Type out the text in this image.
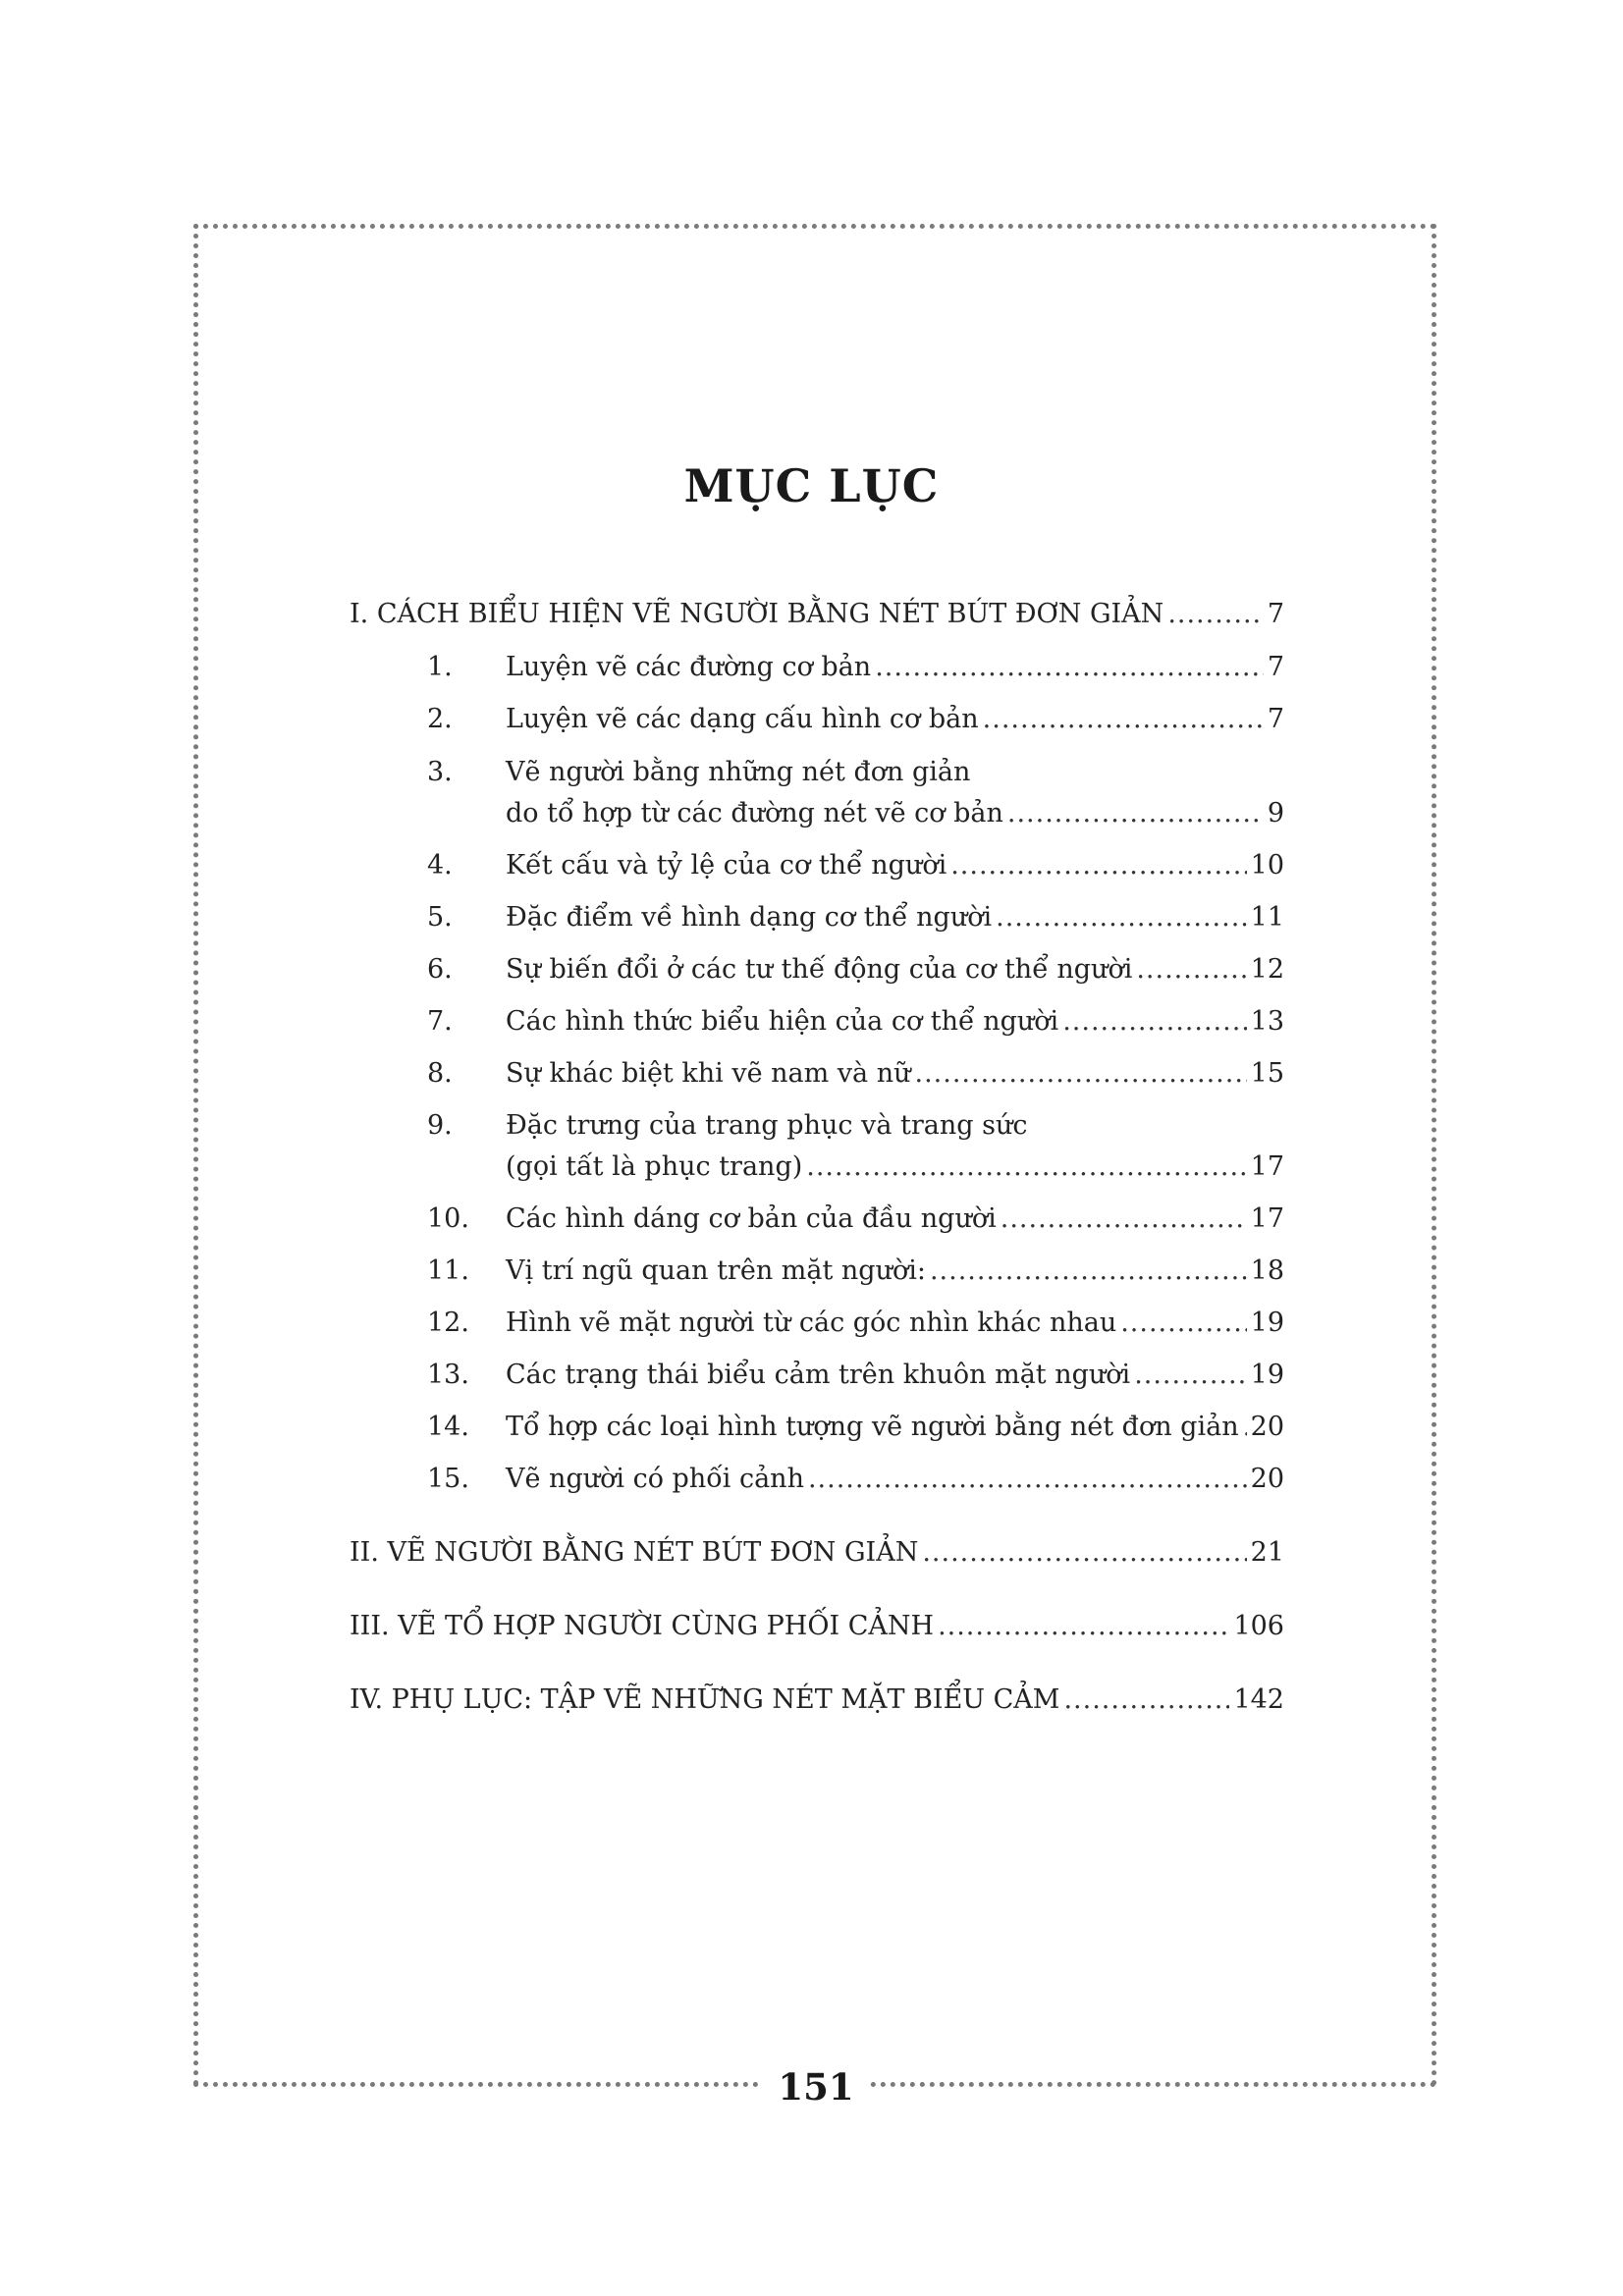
151
MỤC LỤC
I. CÁCH BIỂU HIỆN VẼ NGƯỜI BẰNG NÉT BÚT ĐƠN GIẢN .....	7
1.	Luyện vẽ các đường cơ bản .....	7
2.	Luyện vẽ các dạng cấu hình cơ bản .....	7
3. Vẽ người bằng những nét đơn giản
do tổ hợp từ các đường nét vẽ cơ bản .....	9
4.	Kết cấu và tỷ lệ của cơ thể người .....	10
5.	Đặc điểm về hình dạng cơ thể người .....	11
6.	Sự biến đổi ở các tư thế động của cơ thể người .....	12
7.	Các hình thức biểu hiện của cơ thể người .....	13
8.	Sự khác biệt khi vẽ nam và nữ .....	15
9. Đặc trưng của trang phục và trang sức
(gọi tất là phục trang) .....	17
10.	Các hình dáng cơ bản của đầu người .....	17
11.	Vị trí ngũ quan trên mặt người: .....	18
12.	Hình vẽ mặt người từ các góc nhìn khác nhau .....	19
13.	Các trạng thái biểu cảm trên khuôn mặt người .....	19
14.	Tổ hợp các loại hình tượng vẽ người bằng nét đơn giản ..... 20
15.	Vẽ người có phối cảnh .....	20
II. VẼ NGƯỜI BẰNG NÉT BÚT ĐƠN GIẢN .....	21
III. VẼ TỔ HỢP NGƯỜI CÙNG PHỐI CẢNH .....	106
IV. PHỤ LỤC: TẬP VẼ NHỮNG NÉT MẶT BIỂU CẢM .....	142
